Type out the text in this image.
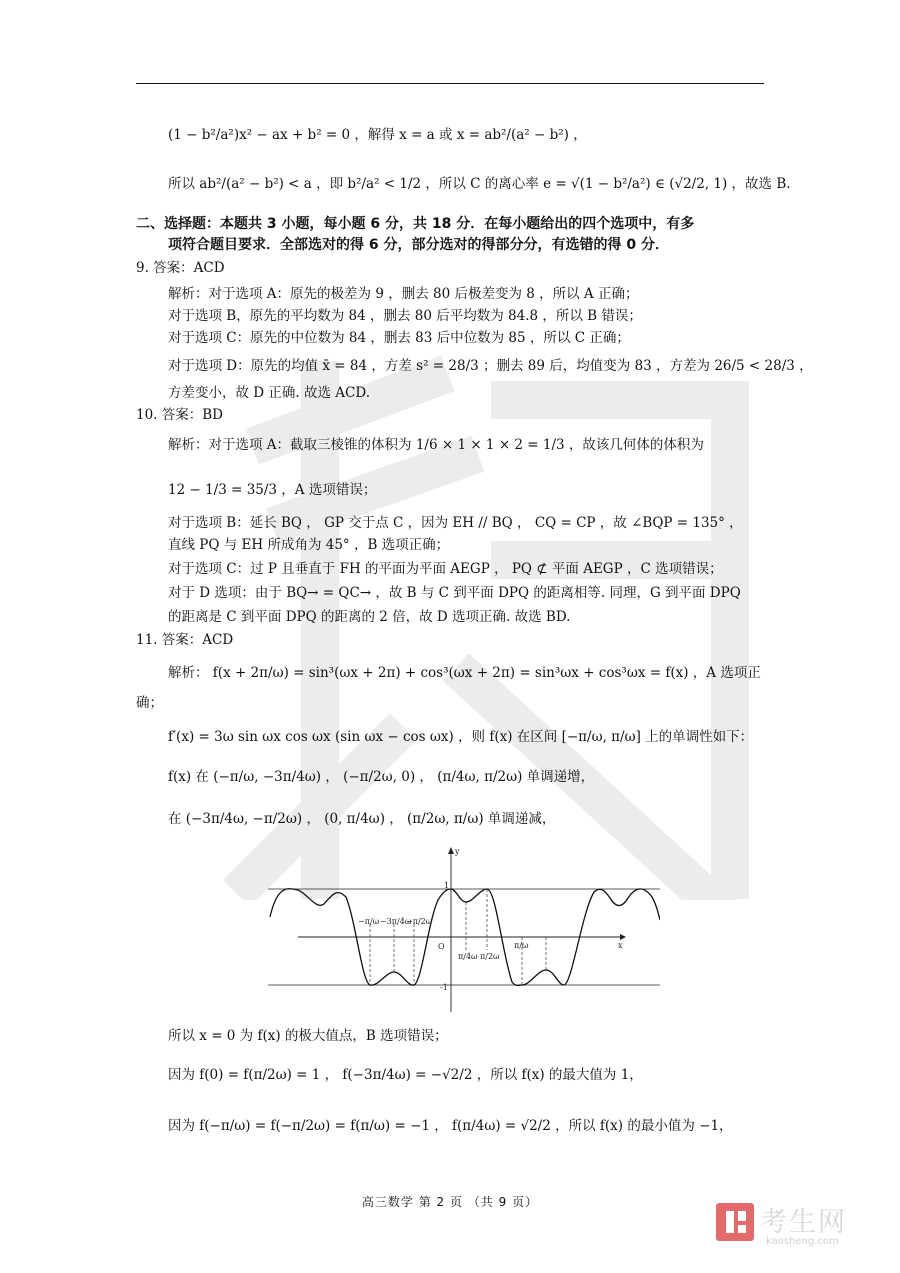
(1 − b²/a²)x² − ax + b² = 0 ，解得 x = a 或 x = ab²/(a² − b²) ，
所以 ab²/(a² − b²) < a ，即 b²/a² < 1/2 ，所以 C 的离心率 e = √(1 − b²/a²) ∈ (√2/2, 1) ，故选 B.
二、选择题：本题共 3 小题，每小题 6 分，共 18 分．在每小题给出的四个选项中，有多
项符合题目要求．全部选对的得 6 分，部分选对的得部分分，有选错的得 0 分．
9. 答案：ACD
解析：对于选项 A：原先的极差为 9 ，删去 80 后极差变为 8 ，所以 A 正确；
对于选项 B，原先的平均数为 84 ，删去 80 后平均数为 84.8 ，所以 B 错误；
对于选项 C：原先的中位数为 84 ，删去 83 后中位数为 85 ，所以 C 正确；
对于选项 D：原先的均值 x̄ = 84 ，方差 s² = 28/3 ；删去 89 后，均值变为 83 ，方差为 26/5 < 28/3 ，
方差变小，故 D 正确. 故选 ACD.
10. 答案：BD
解析：对于选项 A：截取三棱锥的体积为 1/6 × 1 × 1 × 2 = 1/3 ，故该几何体的体积为
12 − 1/3 = 35/3 ，A 选项错误；
对于选项 B：延长 BQ ， GP 交于点 C ，因为 EH // BQ ， CQ = CP ，故 ∠BQP = 135° ，
直线 PQ 与 EH 所成角为 45° ，B 选项正确；
对于选项 C：过 P 且垂直于 FH 的平面为平面 AEGP ， PQ ⊄ 平面 AEGP ，C 选项错误；
对于 D 选项：由于 BQ→ = QC→ ，故 B 与 C 到平面 DPQ 的距离相等. 同理，G 到平面 DPQ
的距离是 C 到平面 DPQ 的距离的 2 倍，故 D 选项正确. 故选 BD.
11. 答案：ACD
解析： f(x + 2π/ω) = sin³(ωx + 2π) + cos³(ωx + 2π) = sin³ωx + cos³ωx = f(x) ，A 选项正
确；
f′(x) = 3ω sin ωx cos ωx (sin ωx − cos ωx) ，则 f(x) 在区间 [−π/ω, π/ω] 上的单调性如下：
f(x) 在 (−π/ω, −3π/4ω) ， (−π/2ω, 0) ， (π/4ω, π/2ω) 单调递增，
在 (−3π/4ω, −π/2ω) ， (0, π/4ω) ， (π/2ω, π/ω) 单调递减，
y
x
O
1
-1
−π/ω −3π/4ω
−π/2ω
π/4ω π/2ω
π/ω
所以 x = 0 为 f(x) 的极大值点，B 选项错误；
因为 f(0) = f(π/2ω) = 1 ， f(−3π/4ω) = −√2/2 ，所以 f(x) 的最大值为 1，
因为 f(−π/ω) = f(−π/2ω) = f(π/ω) = −1 ， f(π/4ω) = √2/2 ，所以 f(x) 的最小值为 −1，
高三数学 第 2 页 （共 9 页）
考生网
kaosheng.com
